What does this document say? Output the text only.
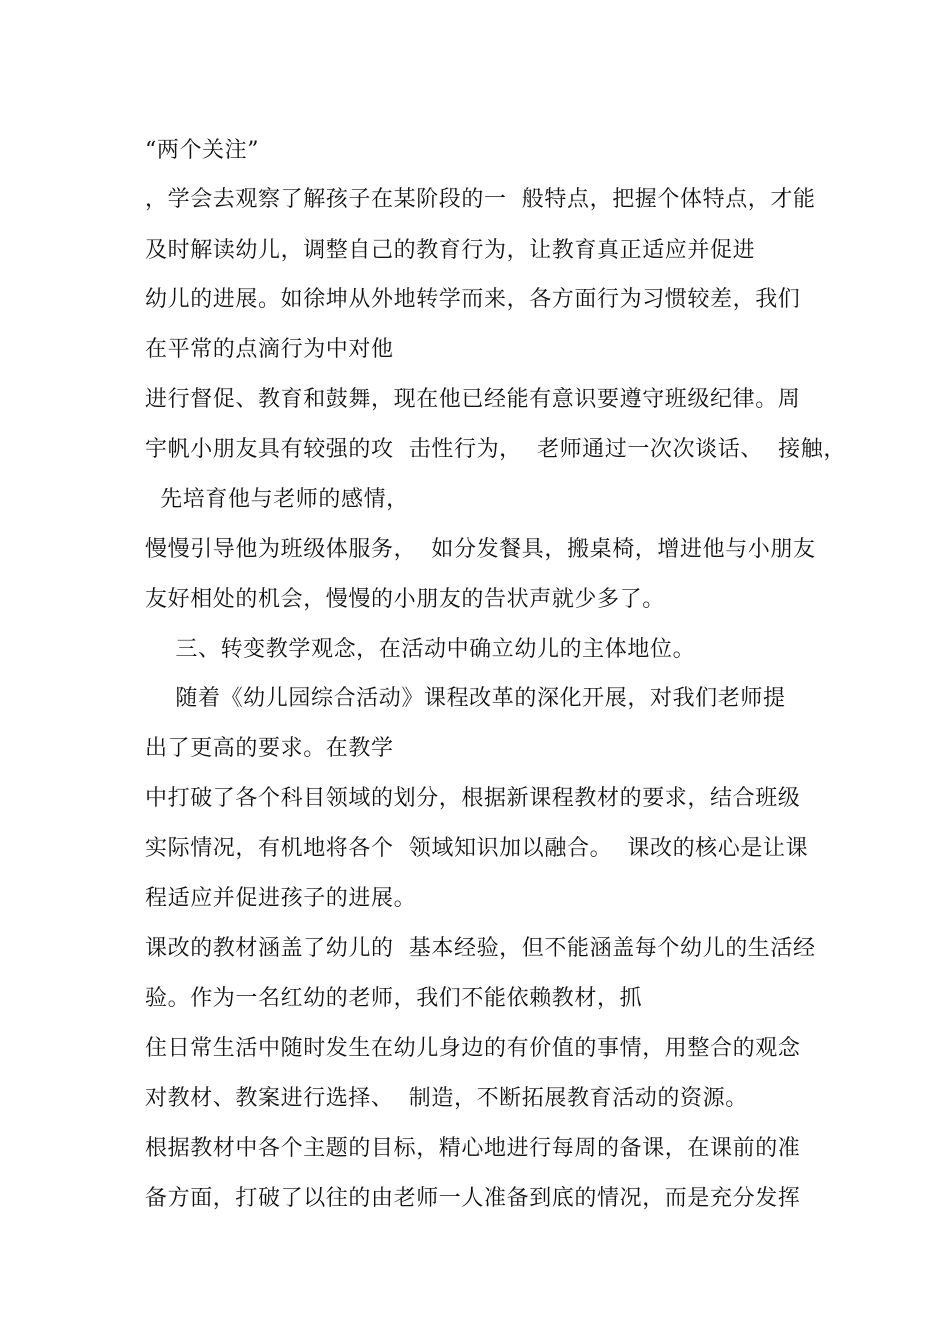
“两个关注”
，学会去观察了解孩子在某阶段的一  般特点，把握个体特点，才能
及时解读幼儿，调整自己的教育行为，让教育真正适应并促进
幼儿的进展。如徐坤从外地转学而来，各方面行为习惯较差，我们
在平常的点滴行为中对他
进行督促、教育和鼓舞，现在他已经能有意识要遵守班级纪律。周
宇帆小朋友具有较强的攻  击性行为，  老师通过一次次谈话、  接触，
先培育他与老师的感情，
慢慢引导他为班级体服务，  如分发餐具，搬桌椅，增进他与小朋友
友好相处的机会，慢慢的小朋友的告状声就少多了。
三、转变教学观念，在活动中确立幼儿的主体地位。
随着《幼儿园综合活动》课程改革的深化开展，对我们老师提
出了更高的要求。在教学
中打破了各个科目领域的划分，根据新课程教材的要求，结合班级
实际情况，有机地将各个  领域知识加以融合。  课改的核心是让课
程适应并促进孩子的进展。
课改的教材涵盖了幼儿的  基本经验，但不能涵盖每个幼儿的生活经
验。作为一名红幼的老师，我们不能依赖教材，抓
住日常生活中随时发生在幼儿身边的有价值的事情，用整合的观念
对教材、教案进行选择、  制造，不断拓展教育活动的资源。
根据教材中各个主题的目标，精心地进行每周的备课，在课前的准
备方面，打破了以往的由老师一人准备到底的情况，而是充分发挥
